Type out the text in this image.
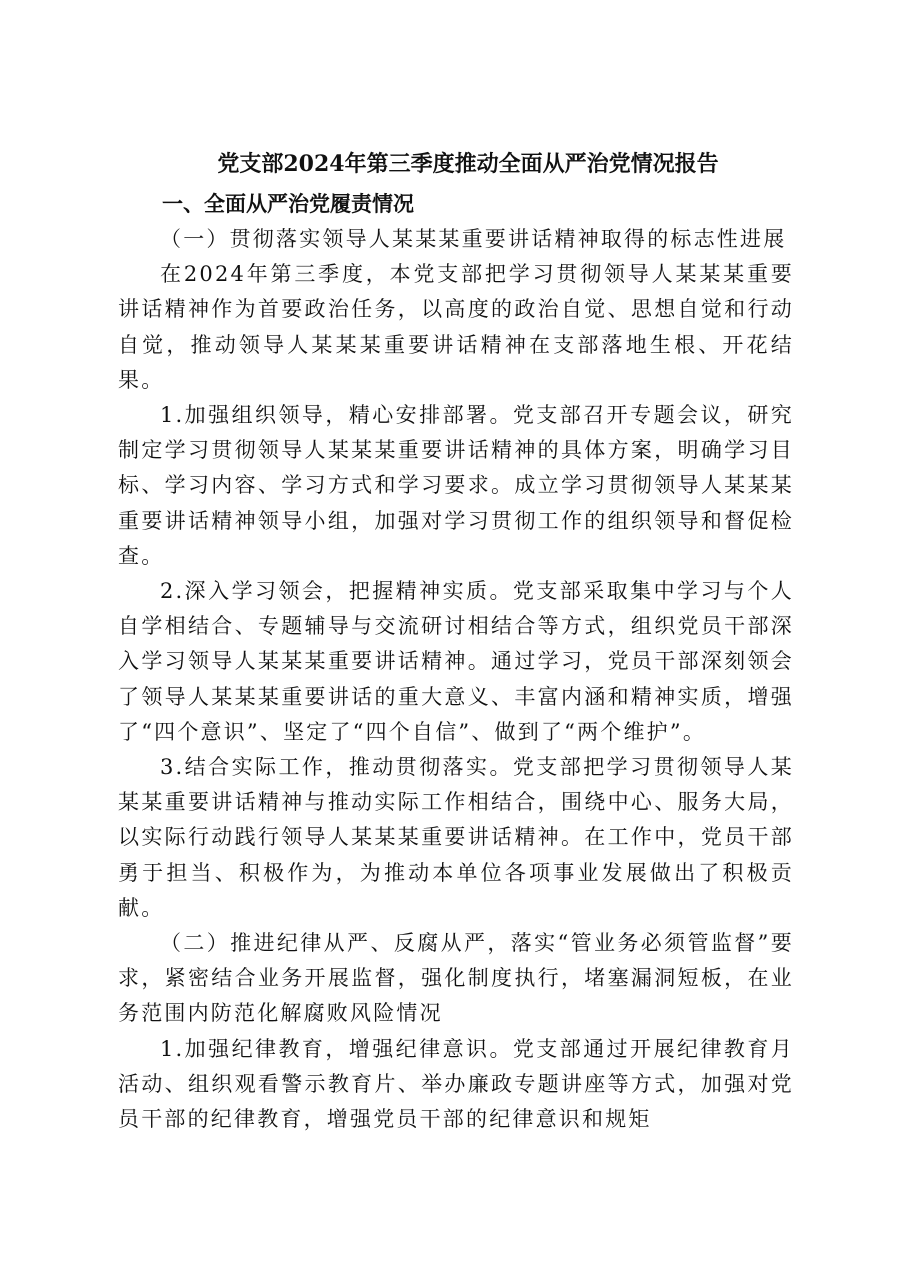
党支部2024年第三季度推动全面从严治党情况报告
一、全面从严治党履责情况
（一）贯彻落实领导人某某某重要讲话精神取得的标志性进展
在2024年第三季度，本党支部把学习贯彻领导人某某某重要讲话精神作为首要政治任务，以高度的政治自觉、思想自觉和行动自觉，推动领导人某某某重要讲话精神在支部落地生根、开花结果。
1.加强组织领导，精心安排部署。党支部召开专题会议，研究制定学习贯彻领导人某某某重要讲话精神的具体方案，明确学习目标、学习内容、学习方式和学习要求。成立学习贯彻领导人某某某重要讲话精神领导小组，加强对学习贯彻工作的组织领导和督促检查。
2.深入学习领会，把握精神实质。党支部采取集中学习与个人自学相结合、专题辅导与交流研讨相结合等方式，组织党员干部深入学习领导人某某某重要讲话精神。通过学习，党员干部深刻领会了领导人某某某重要讲话的重大意义、丰富内涵和精神实质，增强了“四个意识”、坚定了“四个自信”、做到了“两个维护”。
3.结合实际工作，推动贯彻落实。党支部把学习贯彻领导人某某某重要讲话精神与推动实际工作相结合，围绕中心、服务大局，以实际行动践行领导人某某某重要讲话精神。在工作中，党员干部勇于担当、积极作为，为推动本单位各项事业发展做出了积极贡献。
（二）推进纪律从严、反腐从严，落实“管业务必须管监督”要求，紧密结合业务开展监督，强化制度执行，堵塞漏洞短板，在业务范围内防范化解腐败风险情况
1.加强纪律教育，增强纪律意识。党支部通过开展纪律教育月活动、组织观看警示教育片、举办廉政专题讲座等方式，加强对党员干部的纪律教育，增强党员干部的纪律意识和规矩
